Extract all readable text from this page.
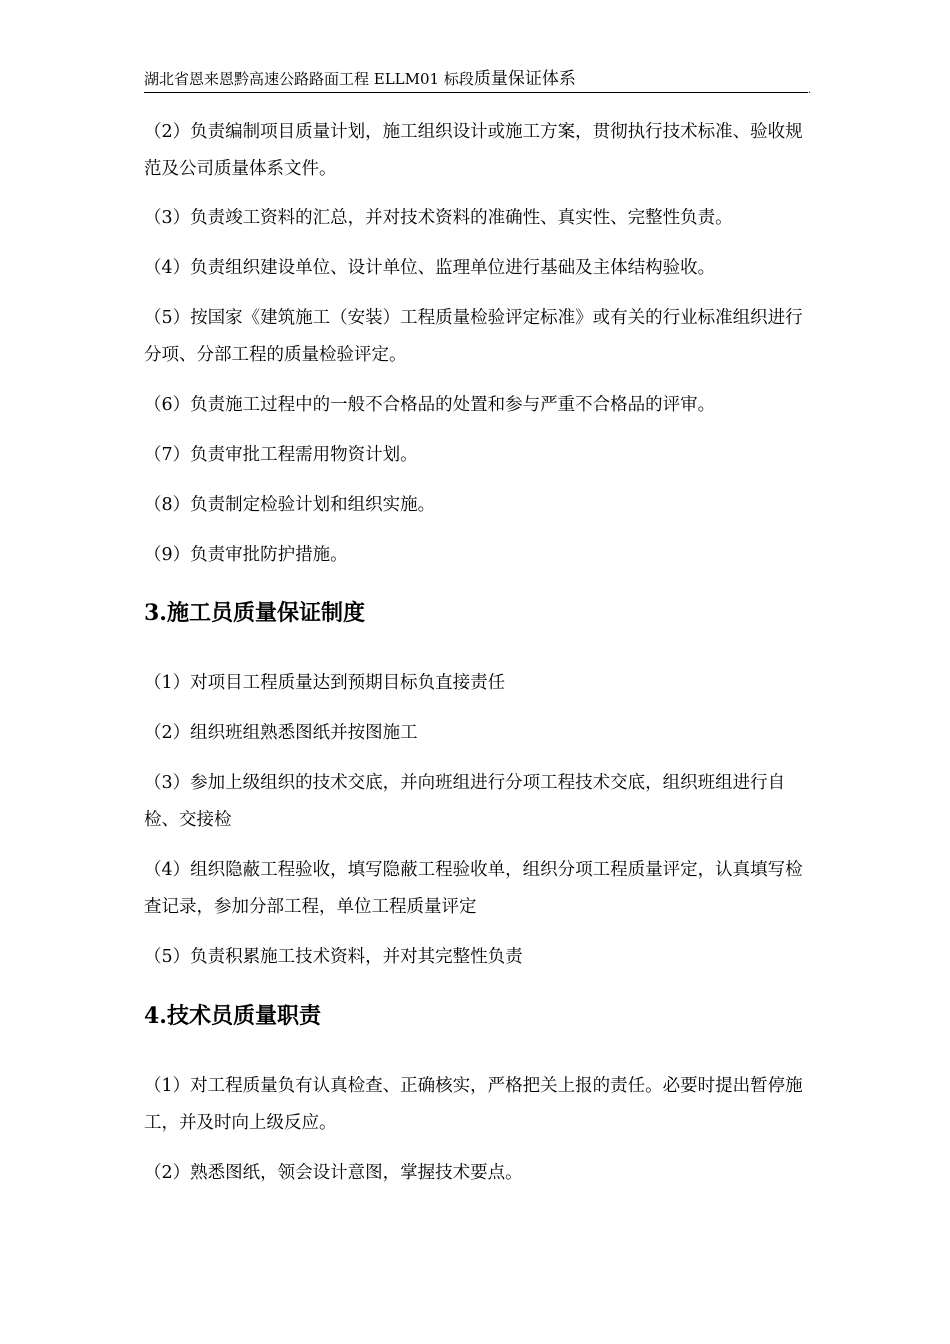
湖北省恩来恩黔高速公路路面工程 ELLM01 标段质量保证体系
.

（2）负责编制项目质量计划，施工组织设计或施工方案，贯彻执行技术标准、验收规范及公司质量体系文件。

（3）负责竣工资料的汇总，并对技术资料的准确性、真实性、完整性负责。

（4）负责组织建设单位、设计单位、监理单位进行基础及主体结构验收。

（5）按国家《建筑施工（安装）工程质量检验评定标准》或有关的行业标准组织进行分项、分部工程的质量检验评定。

（6）负责施工过程中的一般不合格品的处置和参与严重不合格品的评审。

（7）负责审批工程需用物资计划。

（8）负责制定检验计划和组织实施。

（9）负责审批防护措施。

3.施工员质量保证制度

（1）对项目工程质量达到预期目标负直接责任

（2）组织班组熟悉图纸并按图施工

（3）参加上级组织的技术交底，并向班组进行分项工程技术交底，组织班组进行自检、交接检

（4）组织隐蔽工程验收，填写隐蔽工程验收单，组织分项工程质量评定，认真填写检查记录，参加分部工程，单位工程质量评定

（5）负责积累施工技术资料，并对其完整性负责

4.技术员质量职责

（1）对工程质量负有认真检查、正确核实，严格把关上报的责任。必要时提出暂停施工，并及时向上级反应。

（2）熟悉图纸，领会设计意图，掌握技术要点。
